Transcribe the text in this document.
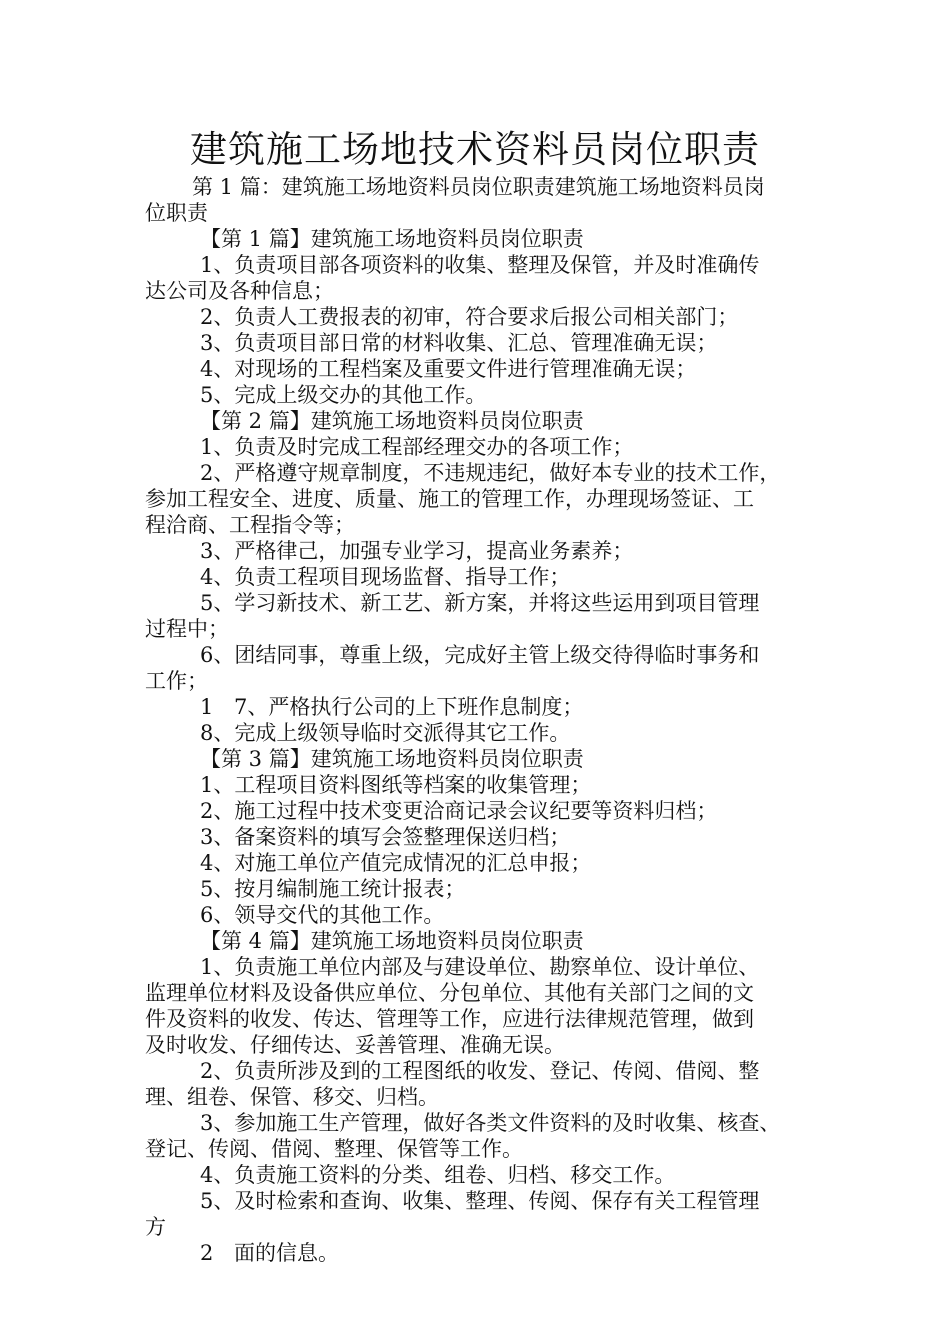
建筑施工场地技术资料员岗位职责
第 1 篇：建筑施工场地资料员岗位职责建筑施工场地资料员岗
位职责
【第 1 篇】建筑施工场地资料员岗位职责
1、负责项目部各项资料的收集、整理及保管，并及时准确传
达公司及各种信息；
2、负责人工费报表的初审，符合要求后报公司相关部门；
3、负责项目部日常的材料收集、汇总、管理准确无误；
4、对现场的工程档案及重要文件进行管理准确无误；
5、完成上级交办的其他工作。
【第 2 篇】建筑施工场地资料员岗位职责
1、负责及时完成工程部经理交办的各项工作；
2、严格遵守规章制度，不违规违纪，做好本专业的技术工作，
参加工程安全、进度、质量、施工的管理工作，办理现场签证、工
程洽商、工程指令等；
3、严格律己，加强专业学习，提高业务素养；
4、负责工程项目现场监督、指导工作；
5、学习新技术、新工艺、新方案，并将这些运用到项目管理
过程中；
6、团结同事，尊重上级，完成好主管上级交待得临时事务和
工作；
1 7、严格执行公司的上下班作息制度；
8、完成上级领导临时交派得其它工作。
【第 3 篇】建筑施工场地资料员岗位职责
1、工程项目资料图纸等档案的收集管理；
2、施工过程中技术变更洽商记录会议纪要等资料归档；
3、备案资料的填写会签整理保送归档；
4、对施工单位产值完成情况的汇总申报；
5、按月编制施工统计报表；
6、领导交代的其他工作。
【第 4 篇】建筑施工场地资料员岗位职责
1、负责施工单位内部及与建设单位、勘察单位、设计单位、
监理单位材料及设备供应单位、分包单位、其他有关部门之间的文
件及资料的收发、传达、管理等工作，应进行法律规范管理，做到
及时收发、仔细传达、妥善管理、准确无误。
2、负责所涉及到的工程图纸的收发、登记、传阅、借阅、整
理、组卷、保管、移交、归档。
3、参加施工生产管理，做好各类文件资料的及时收集、核查、
登记、传阅、借阅、整理、保管等工作。
4、负责施工资料的分类、组卷、归档、移交工作。
5、及时检索和查询、收集、整理、传阅、保存有关工程管理
方
2 面的信息。
